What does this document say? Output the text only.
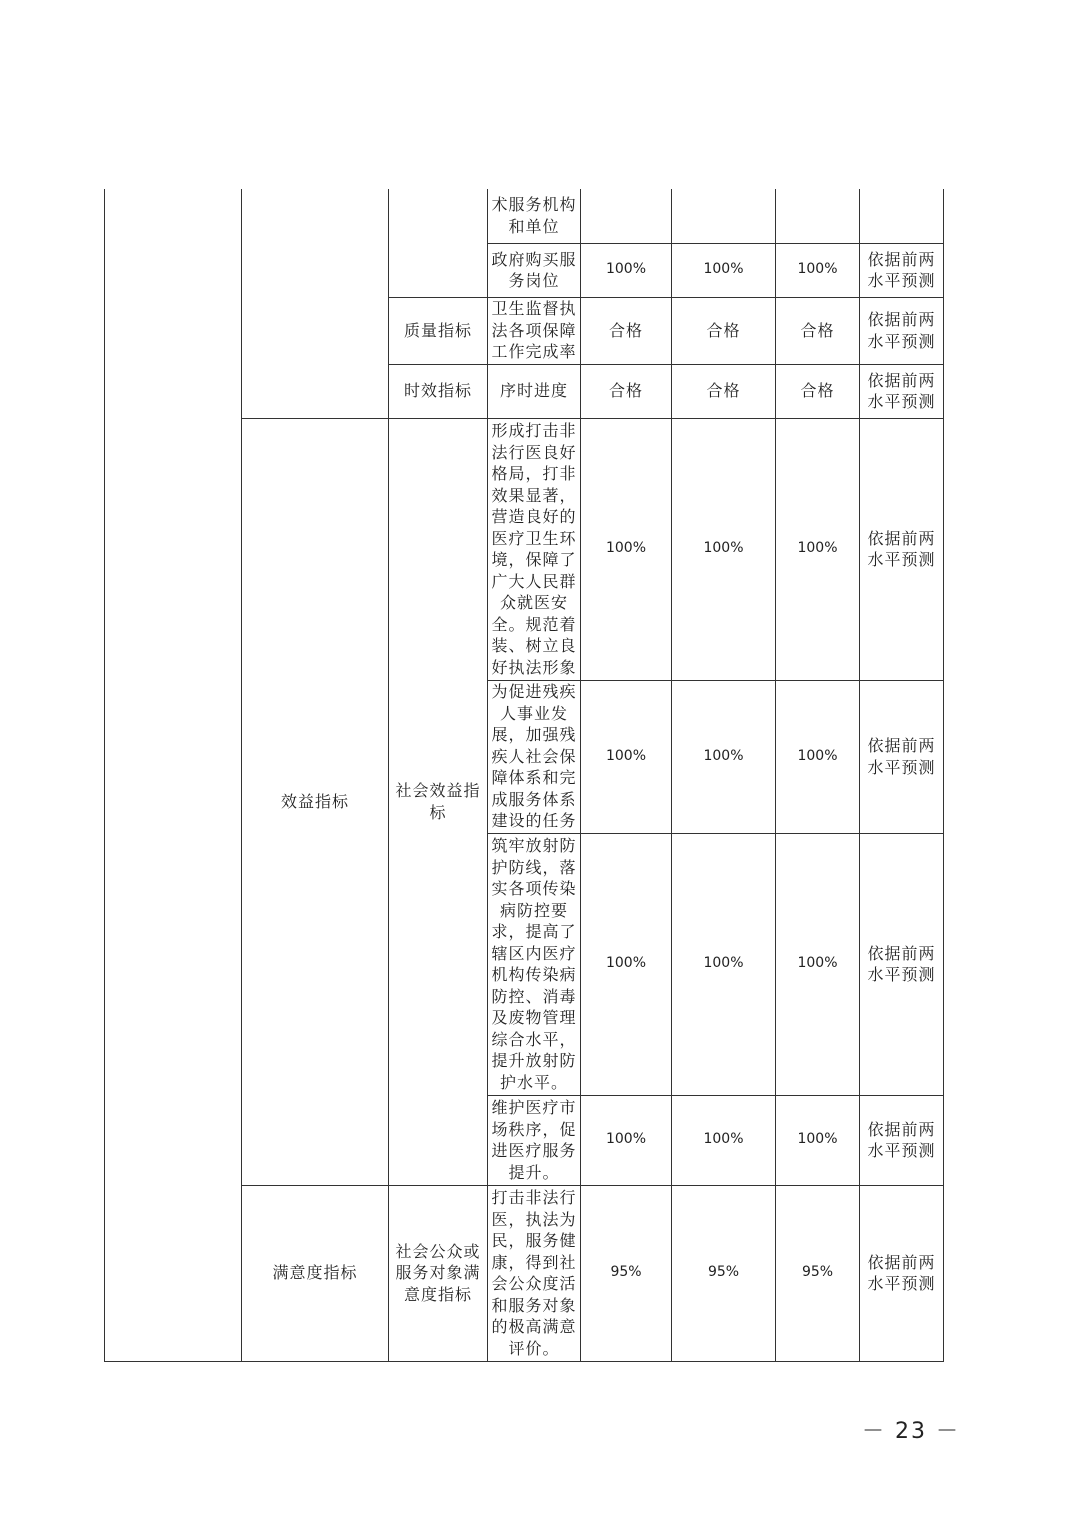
			术服务机构和单位				
			政府购买服务岗位	100%	100%	100%	依据前两水平预测
		质量指标	卫生监督执法各项保障工作完成率	合格	合格	合格	依据前两水平预测
		时效指标	序时进度	合格	合格	合格	依据前两水平预测
	效益指标	社会效益指标	形成打击非法行医良好格局，打非效果显著，营造良好的医疗卫生环境，保障了广大人民群众就医安全。规范着装、树立良好执法形象	100%	100%	100%	依据前两水平预测
			为促进残疾人事业发展，加强残疾人社会保障体系和完成服务体系建设的任务	100%	100%	100%	依据前两水平预测
			筑牢放射防护防线，落实各项传染病防控要求，提高了辖区内医疗机构传染病防控、消毒及废物管理综合水平，提升放射防护水平。	100%	100%	100%	依据前两水平预测
			维护医疗市场秩序，促进医疗服务提升。	100%	100%	100%	依据前两水平预测
	满意度指标	社会公众或服务对象满意度指标	打击非法行医，执法为民，服务健康，得到社会公众度活和服务对象的极高满意评价。	95%	95%	95%	依据前两水平预测
－ 23 －
